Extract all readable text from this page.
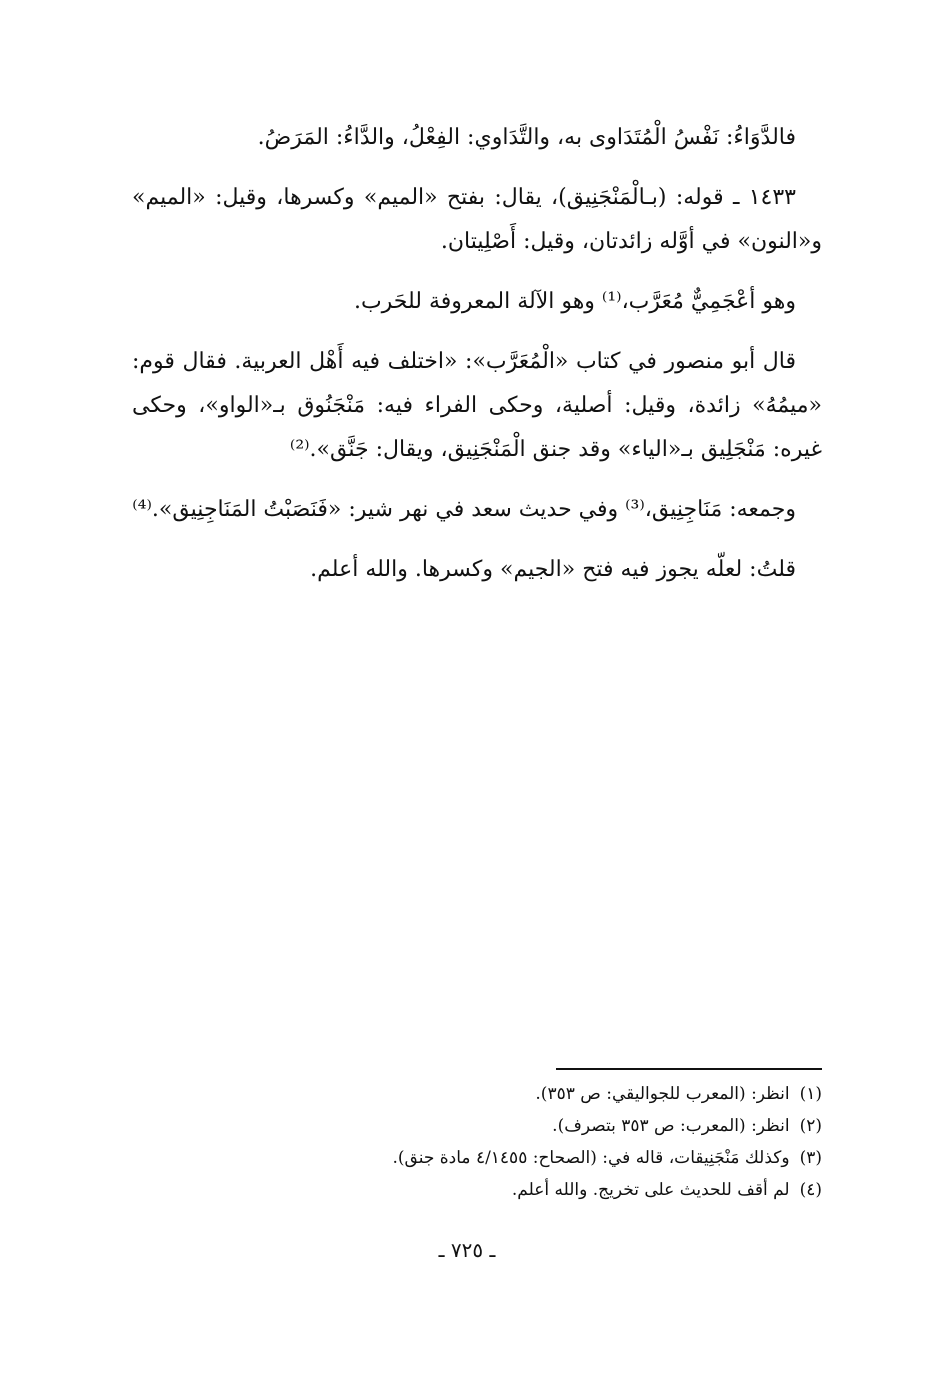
فالدَّوَاءُ: نَفْسُ الْمُتَدَاوى به، والتَّدَاوي: الفِعْلُ، والدَّاءُ: المَرَضُ.

١٤٣٣ ـ قوله: (بـالْمَنْجَنِيق)، يقال: بفتح «الميم» وكسرها، وقيل: «الميم» و«النون» في أوَّله زائدتان، وقيل: أَصْلِيتان.

وهو أعْجَمِيٌّ مُعَرَّب،⁽¹⁾ وهو الآلة المعروفة للحَرب.

قال أبو منصور في كتاب «الْمُعَرَّب»: «اختلف فيه أَهْل العربية. فقال قوم: «ميمُهُ» زائدة، وقيل: أصلية، وحكى الفراء فيه: مَنْجَنُوق بـ«الواو»، وحكى غيره: مَنْجَلِيق بـ«الياء» وقد جنق الْمَنْجَنِيق، ويقال: جَنَّق».⁽²⁾

وجمعه: مَنَاجِنِيق،⁽³⁾ وفي حديث سعد في نهر شير: «فَنَصَبْتُ المَنَاجِنِيق».⁽⁴⁾

قلتُ: لعلّه يجوز فيه فتح «الجيم» وكسرها. والله أعلم.

(١)انظر: (المعرب للجواليقي: ص ٣٥٣).
(٢)انظر: (المعرب: ص ٣٥٣ بتصرف).
(٣)وكذلك مَنْجَنِيقات، قاله في: (الصحاح: ٤/١٤٥٥ مادة جنق).
(٤)لم أقف للحديث على تخريج. والله أعلم.
ـ ٧٢٥ ـ
